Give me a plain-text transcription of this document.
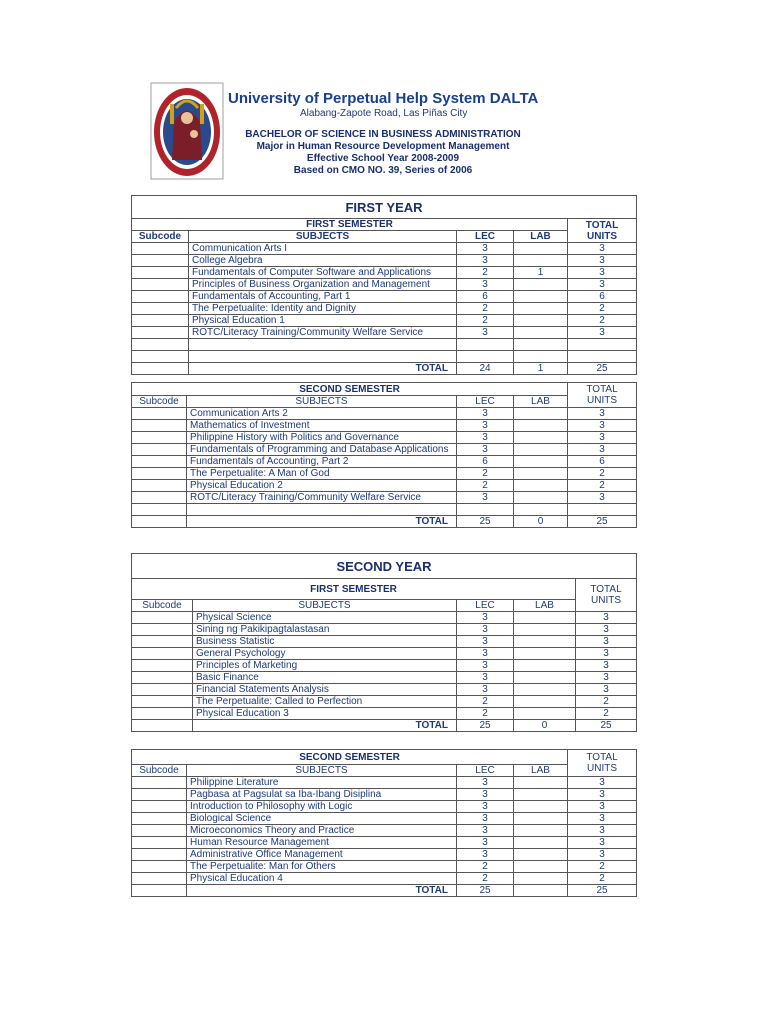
University of Perpetual Help System DALTA
Alabang-Zapote Road, Las Piñas City
BACHELOR OF SCIENCE IN BUSINESS ADMINISTRATION
Major in Human Resource Development Management
Effective School Year 2008-2009
Based on CMO NO. 39, Series of 2006
FIRST YEAR				
FIRST SEMESTER				TOTAL
UNITS
Subcode	SUBJECTS	LEC	LAB	
	Communication Arts I	3		3
	College Algebra	3		3
	Fundamentals of Computer Software and Applications	2	1	3
	Principles of Business Organization and Management	3		3
	Fundamentals of Accounting, Part 1	6		6
	The Perpetualite: Identity and Dignity	2		2
	Physical Education 1	2		2
	ROTC/Literacy Training/Community Welfare Service	3		3

	TOTAL	24	1	25
SECOND SEMESTER				TOTAL
UNITS
Subcode	SUBJECTS	LEC	LAB	
	Communication Arts 2	3		3
	Mathematics of Investment	3		3
	Philippine History with Politics and Governance	3		3
	Fundamentals of Programming and Database Applications	3		3
	Fundamentals of Accounting, Part 2	6		6
	The Perpetualite: A Man of God	2		2
	Physical Education 2	2		2
	ROTC/Literacy Training/Community Welfare Service	3		3

	TOTAL	25	0	25
SECOND YEAR				
FIRST SEMESTER				TOTAL
UNITS
Subcode	SUBJECTS	LEC	LAB	
	Physical Science	3		3
	Sining ng Pakikipagtalastasan	3		3
	Business Statistic	3		3
	General Psychology	3		3
	Principles of Marketing	3		3
	Basic Finance	3		3
	Financial Statements Analysis	3		3
	The Perpetualite: Called to Perfection	2		2
	Physical Education 3	2		2
	TOTAL	25	0	25
SECOND SEMESTER				TOTAL
UNITS
Subcode	SUBJECTS	LEC	LAB	
	Philippine Literature	3		3
	Pagbasa at Pagsulat sa Iba-Ibang Disiplina	3		3
	Introduction to Philosophy with Logic	3		3
	Biological Science	3		3
	Microeconomics Theory and Practice	3		3
	Human Resource Management	3		3
	Administrative Office Management	3		3
	The Perpetualite: Man for Others	2		2
	Physical Education 4	2		2
	TOTAL	25		25
